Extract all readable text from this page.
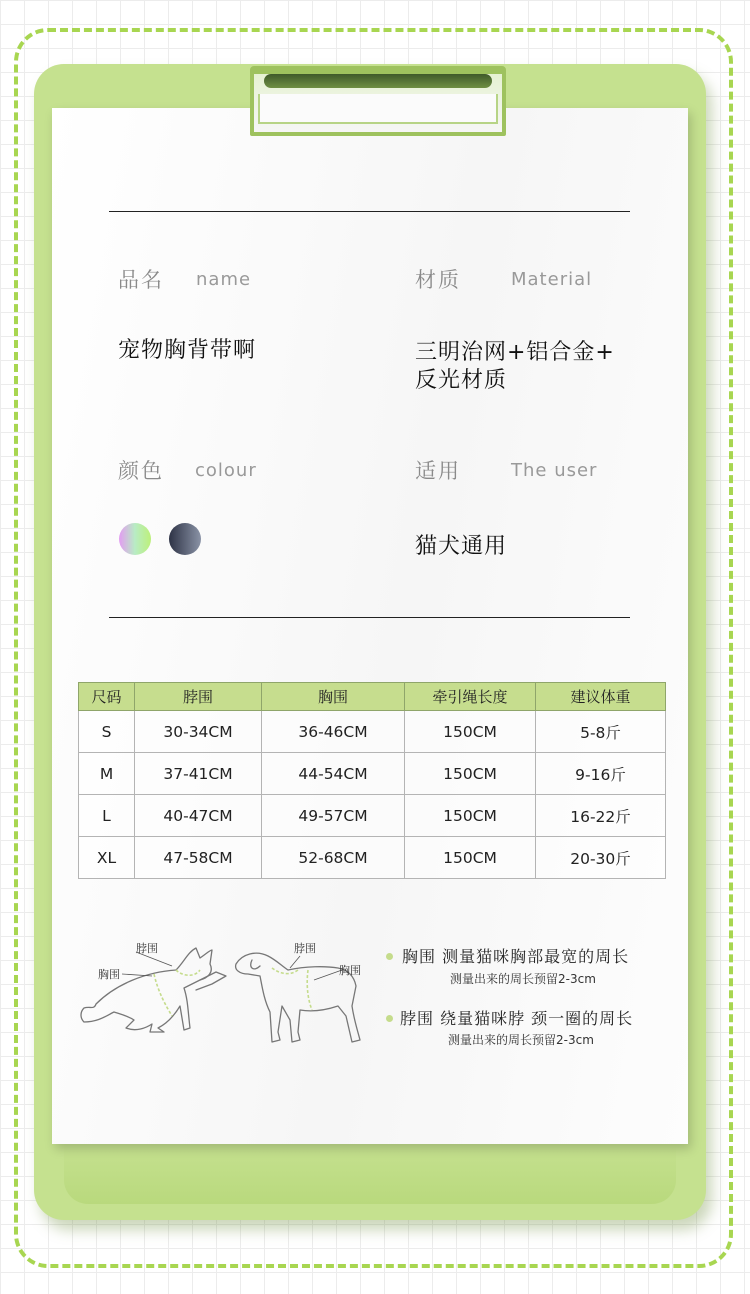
品名 name
宠物胸背带啊
材质	Material
三明治网+铝合金+
反光材质
颜色 colour	适用	The user
猫犬通用
尺码	脖围	胸围	牵引绳长度	建议体重
S	30-34CM	36-46CM	150CM	5-8斤
M	37-41CM	44-54CM	150CM	9-16斤
L	40-47CM	49-57CM	150CM	16-22斤
XL	47-58CM	52-68CM	150CM	20-30斤
脖围
胸围
脖围
胸围
胸围 测量猫咪胸部最宽的周长
测量出来的周长预留2-3cm
脖围 绕量猫咪脖 颈一圈的周长
测量出来的周长预留2-3cm
